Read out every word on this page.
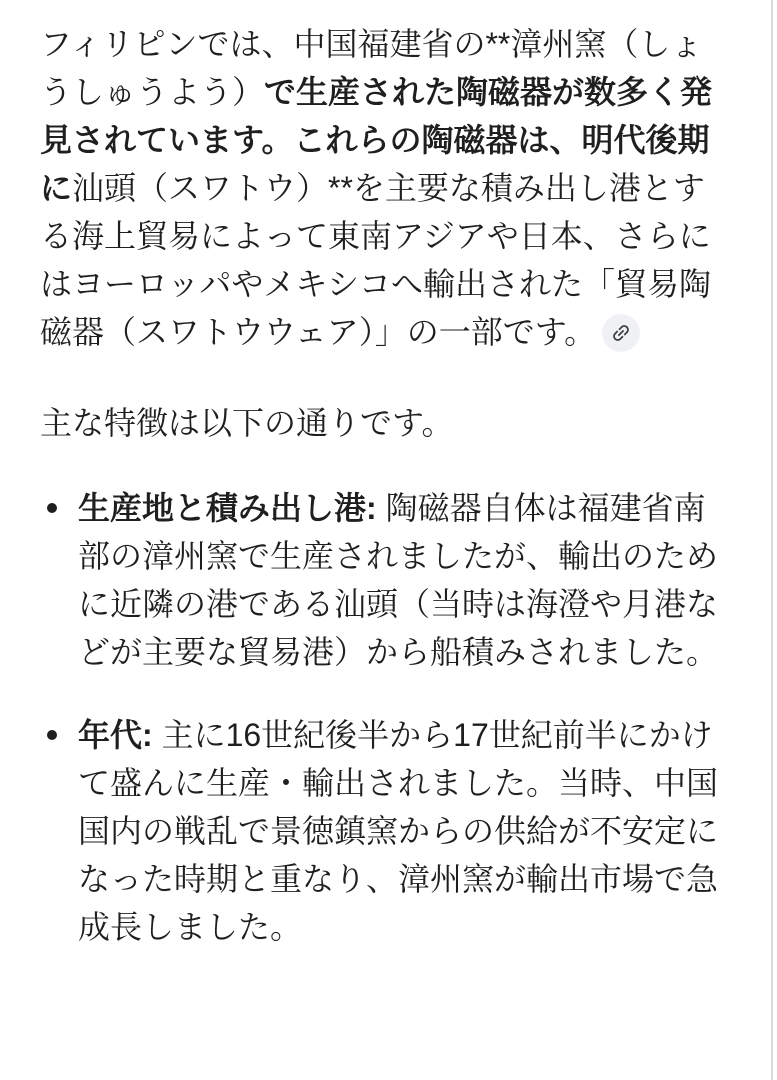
フィリピンでは、中国福建省の**漳州窯（しょうしゅうよう）で生産された陶磁器が数多く発見されています。これらの陶磁器は、明代後期に汕頭（スワトウ）**を主要な積み出し港とする海上貿易によって東南アジアや日本、さらにはヨーロッパやメキシコへ輸出された「貿易陶磁器（スワトウウェア）」の一部です。

主な特徴は以下の通りです。

生産地と積み出し港: 陶磁器自体は福建省南部の漳州窯で生産されましたが、輸出のために近隣の港である汕頭（当時は海澄や月港などが主要な貿易港）から船積みされました。
年代: 主に16世紀後半から17世紀前半にかけて盛んに生産・輸出されました。当時、中国国内の戦乱で景徳鎮窯からの供給が不安定になった時期と重なり、漳州窯が輸出市場で急成長しました。
